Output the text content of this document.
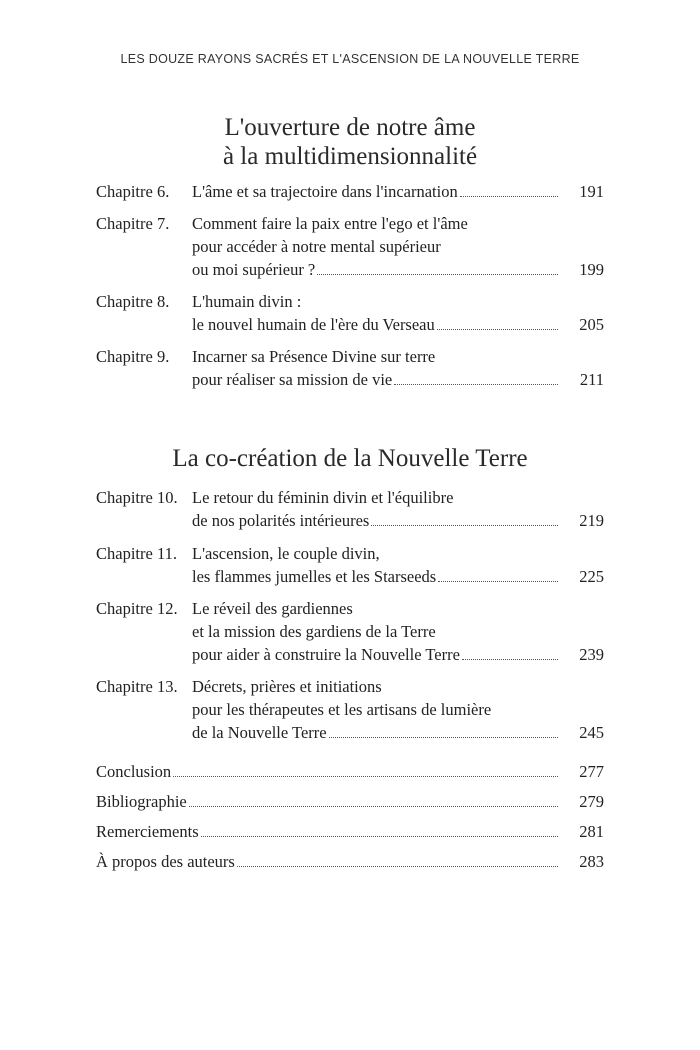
LES DOUZE RAYONS SACRÉS ET L'ASCENSION DE LA NOUVELLE TERRE
L'ouverture de notre âme
à la multidimensionnalité
Chapitre 6. L'âme et sa trajectoire dans l'incarnation	191
Chapitre 7. Comment faire la paix entre l'ego et l'âme
pour accéder à notre mental supérieur
ou moi supérieur ?	199
Chapitre 8. L'humain divin :
le nouvel humain de l'ère du Verseau	205
Chapitre 9. Incarner sa Présence Divine sur terre
pour réaliser sa mission de vie	211
La co-création de la Nouvelle Terre
Chapitre 10. Le retour du féminin divin et l'équilibre
de nos polarités intérieures	219
Chapitre 11. L'ascension, le couple divin,
les flammes jumelles et les Starseeds	225
Chapitre 12. Le réveil des gardiennes
et la mission des gardiens de la Terre
pour aider à construire la Nouvelle Terre	239
Chapitre 13. Décrets, prières et initiations
pour les thérapeutes et les artisans de lumière
de la Nouvelle Terre	245
Conclusion	277
Bibliographie	279
Remerciements	281
À propos des auteurs	283
